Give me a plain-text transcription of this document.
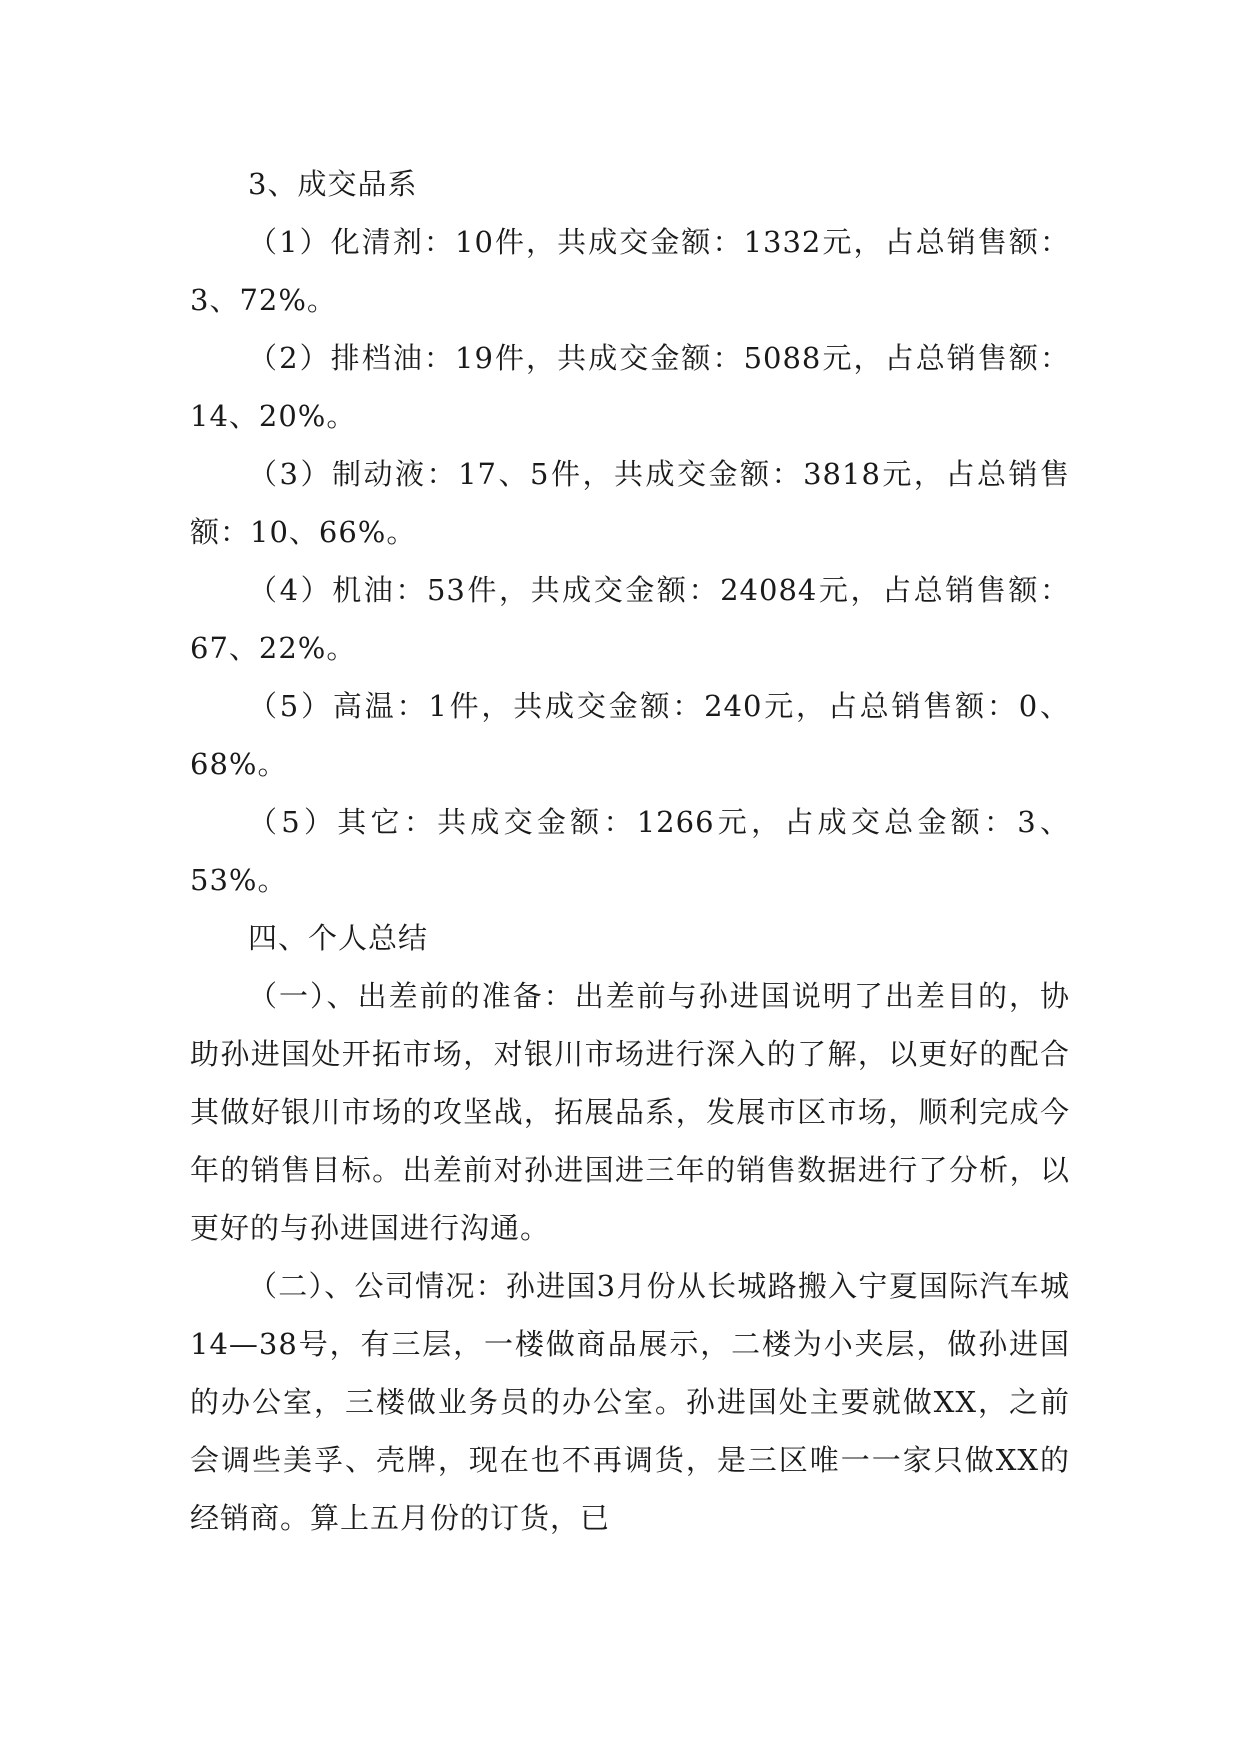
3、成交品系

（1）化清剂：10件，共成交金额：1332元，占总销售额：3、72%。

（2）排档油：19件，共成交金额：5088元，占总销售额：14、20%。

（3）制动液：17、5件，共成交金额：3818元，占总销售额：10、66%。

（4）机油：53件，共成交金额：24084元，占总销售额：67、22%。

（5）高温：1件，共成交金额：240元，占总销售额：0、68%。

（5）其它：共成交金额：1266元，占成交总金额：3、53%。

四、个人总结

（一）、出差前的准备：出差前与孙进国说明了出差目的，协助孙进国处开拓市场，对银川市场进行深入的了解，以更好的配合其做好银川市场的攻坚战，拓展品系，发展市区市场，顺利完成今年的销售目标。出差前对孙进国进三年的销售数据进行了分析，以更好的与孙进国进行沟通。

（二）、公司情况：孙进国3月份从长城路搬入宁夏国际汽车城14—38号，有三层，一楼做商品展示，二楼为小夹层，做孙进国的办公室，三楼做业务员的办公室。孙进国处主要就做XX，之前会调些美孚、壳牌，现在也不再调货，是三区唯一一家只做XX的经销商。算上五月份的订货，已
